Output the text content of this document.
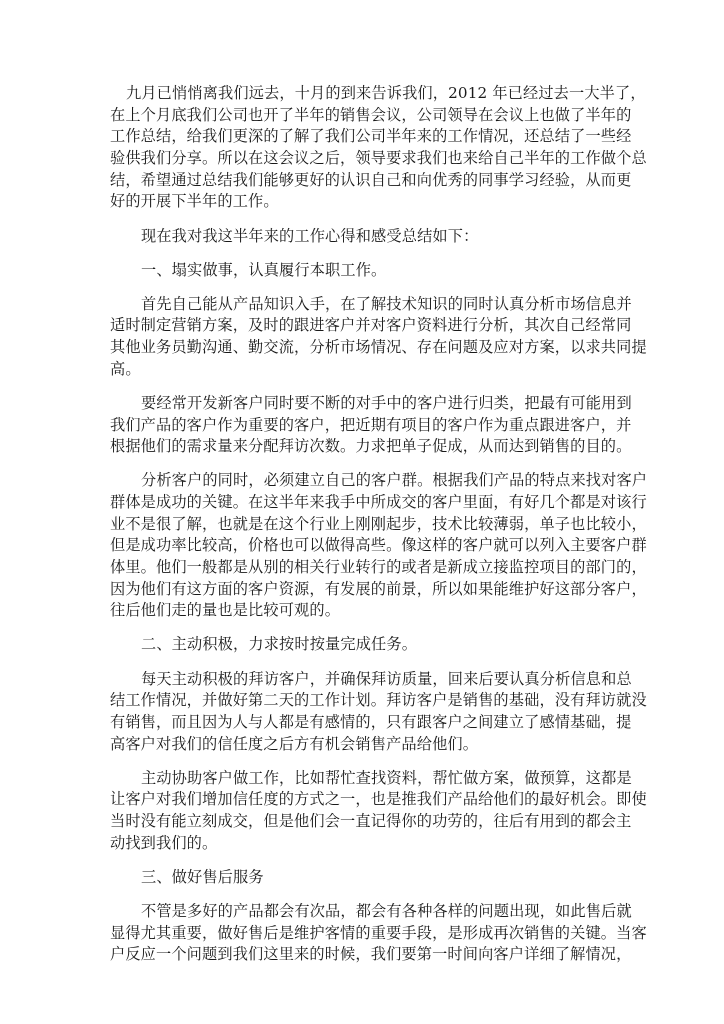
九月已悄悄离我们远去，十月的到来告诉我们，2012 年已经过去一大半了，
在上个月底我们公司也开了半年的销售会议，公司领导在会议上也做了半年的
工作总结，给我们更深的了解了我们公司半年来的工作情况，还总结了一些经
验供我们分享。所以在这会议之后，领导要求我们也来给自己半年的工作做个总
结，希望通过总结我们能够更好的认识自己和向优秀的同事学习经验，从而更
好的开展下半年的工作。

现在我对我这半年来的工作心得和感受总结如下：

一、塌实做事，认真履行本职工作。

首先自己能从产品知识入手，在了解技术知识的同时认真分析市场信息并
适时制定营销方案，及时的跟进客户并对客户资料进行分析，其次自己经常同
其他业务员勤沟通、勤交流，分析市场情况、存在问题及应对方案，以求共同提
高。

要经常开发新客户同时要不断的对手中的客户进行归类，把最有可能用到
我们产品的客户作为重要的客户，把近期有项目的客户作为重点跟进客户，并
根据他们的需求量来分配拜访次数。力求把单子促成，从而达到销售的目的。

分析客户的同时，必须建立自己的客户群。根据我们产品的特点来找对客户
群体是成功的关键。在这半年来我手中所成交的客户里面，有好几个都是对该行
业不是很了解，也就是在这个行业上刚刚起步，技术比较薄弱，单子也比较小，
但是成功率比较高，价格也可以做得高些。像这样的客户就可以列入主要客户群
体里。他们一般都是从别的相关行业转行的或者是新成立接监控项目的部门的，
因为他们有这方面的客户资源，有发展的前景，所以如果能维护好这部分客户，
往后他们走的量也是比较可观的。

二、主动积极，力求按时按量完成任务。

每天主动积极的拜访客户，并确保拜访质量，回来后要认真分析信息和总
结工作情况，并做好第二天的工作计划。拜访客户是销售的基础，没有拜访就没
有销售，而且因为人与人都是有感情的，只有跟客户之间建立了感情基础，提
高客户对我们的信任度之后方有机会销售产品给他们。

主动协助客户做工作，比如帮忙查找资料，帮忙做方案，做预算，这都是
让客户对我们增加信任度的方式之一，也是推我们产品给他们的最好机会。即使
当时没有能立刻成交，但是他们会一直记得你的功劳的，往后有用到的都会主
动找到我们的。

三、做好售后服务

不管是多好的产品都会有次品，都会有各种各样的问题出现，如此售后就
显得尤其重要，做好售后是维护客情的重要手段，是形成再次销售的关键。当客
户反应一个问题到我们这里来的时候，我们要第一时间向客户详细了解情况，
